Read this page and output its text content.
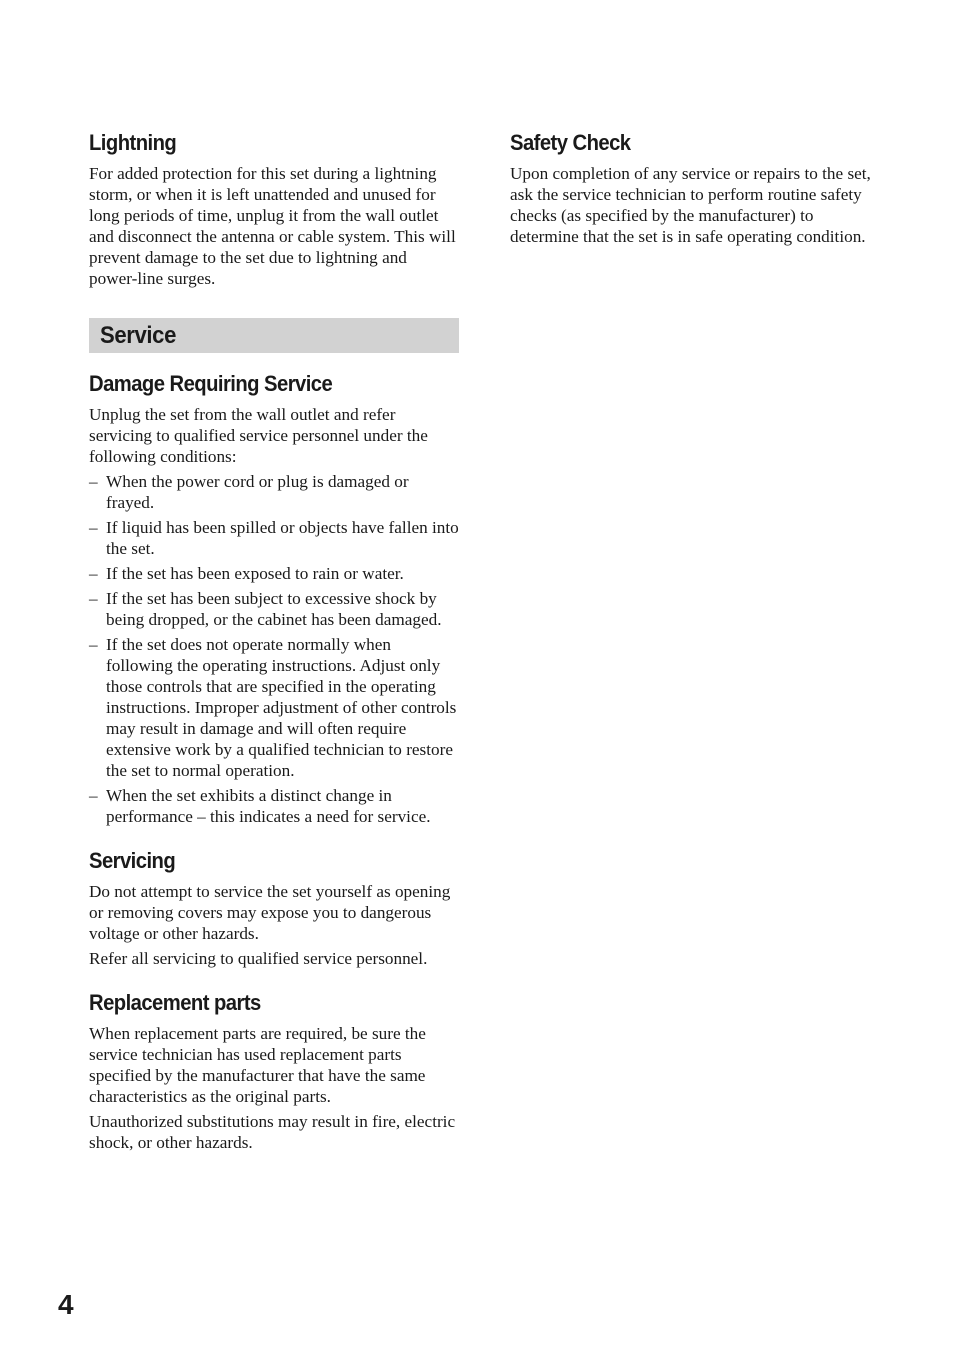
Lightning

For added protection for this set during a lightning storm, or when it is left unattended and unused for long periods of time, unplug it from the wall outlet and disconnect the antenna or cable system. This will prevent damage to the set due to lightning and power-line surges.

Service
Damage Requiring Service

Unplug the set from the wall outlet and refer servicing to qualified service personnel under the following conditions:

– When the power cord or plug is damaged or frayed.
– If liquid has been spilled or objects have fallen into the set.
– If the set has been exposed to rain or water.
– If the set has been subject to excessive shock by being dropped, or the cabinet has been damaged.
– If the set does not operate normally when following the operating instructions. Adjust only those controls that are specified in the operating instructions. Improper adjustment of other controls may result in damage and will often require extensive work by a qualified technician to restore the set to normal operation.
– When the set exhibits a distinct change in performance – this indicates a need for service.
Servicing

Do not attempt to service the set yourself as opening or removing covers may expose you to dangerous voltage or other hazards.

Refer all servicing to qualified service personnel.

Replacement parts

When replacement parts are required, be sure the service technician has used replacement parts specified by the manufacturer that have the same characteristics as the original parts.

Unauthorized substitutions may result in fire, electric shock, or other hazards.

Safety Check

Upon completion of any service or repairs to the set, ask the service technician to perform routine safety checks (as specified by the manufacturer) to determine that the set is in safe operating condition.

4
